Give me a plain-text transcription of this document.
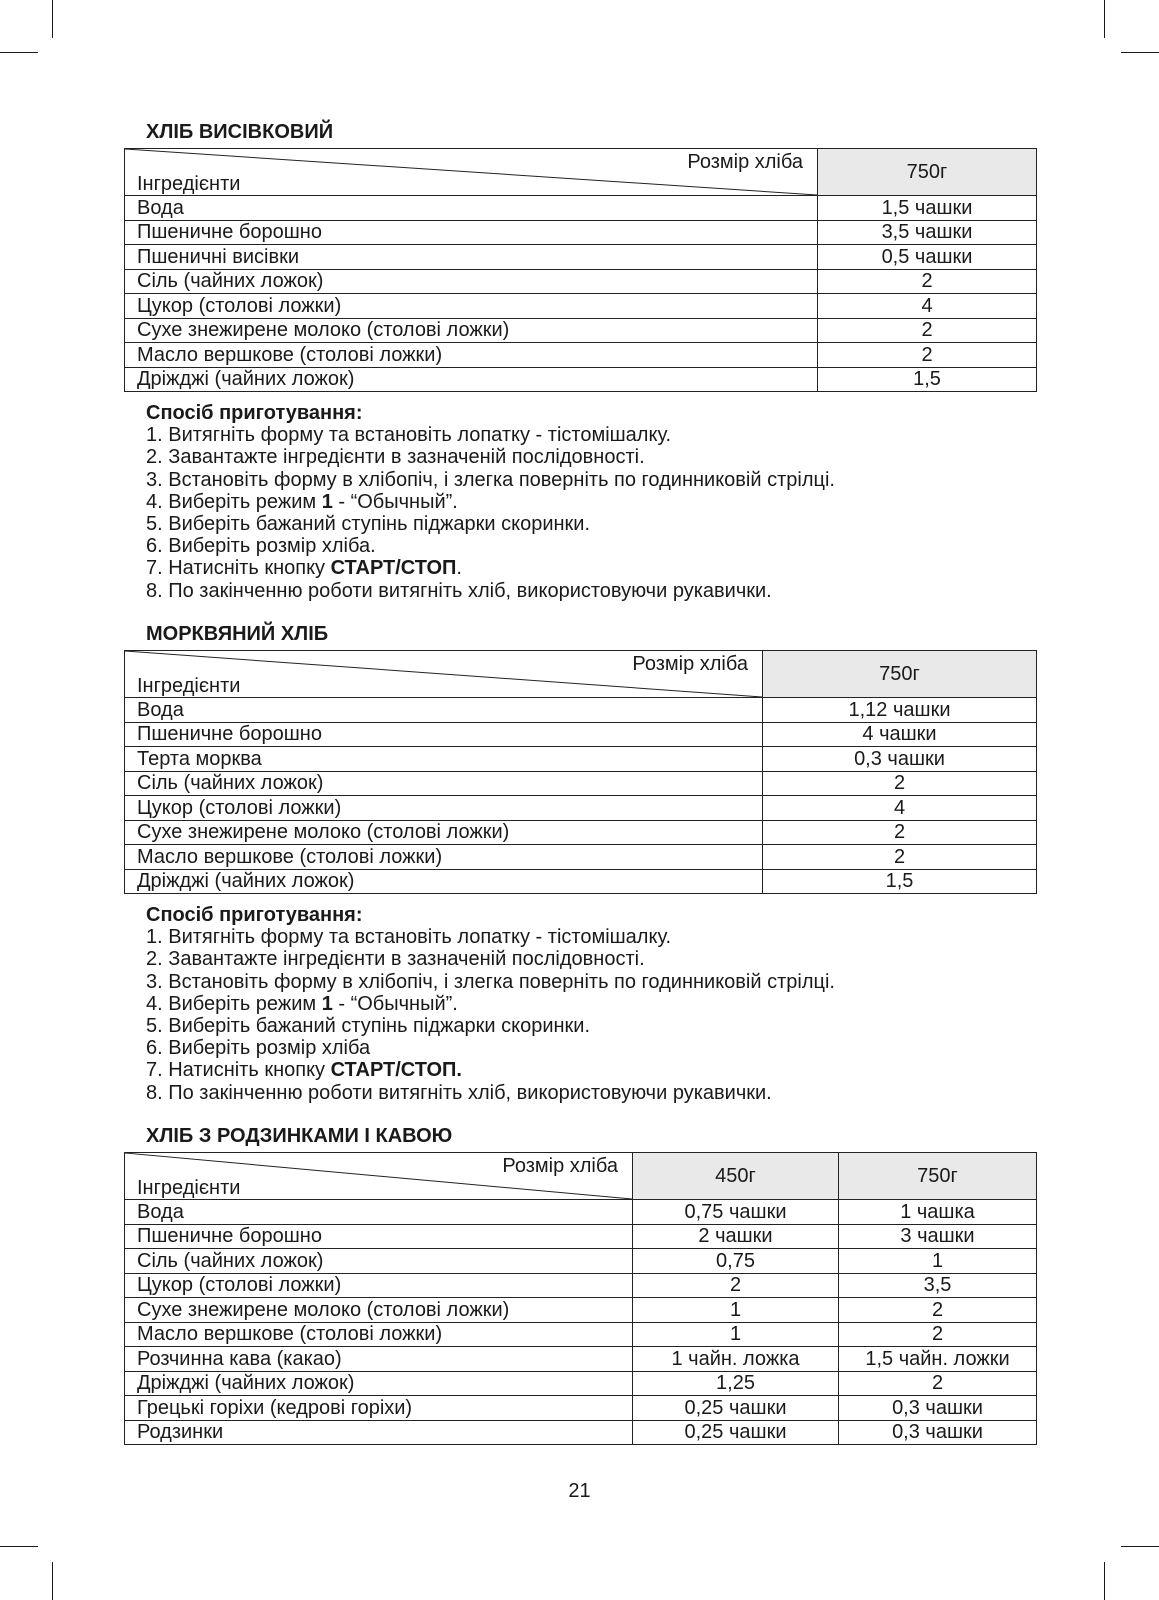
ХЛІБ ВИСІВКОВИЙ
Розмір хліба
Інгредієнти	750г
Вода	1,5 чашки
Пшеничне борошно	3,5 чашки
Пшеничні висівки	0,5 чашки
Сіль (чайних ложок)	2
Цукор (столові ложки)	4
Сухе знежирене молоко (столові ложки)	2
Масло вершкове (столові ложки)	2
Дріжджі (чайних ложок)	1,5
Спосіб приготування:
1. Витягніть форму та встановіть лопатку - тістомішалку.
2. Завантажте інгредієнти в зазначеній послідовності.
3. Встановіть форму в хлібопіч, і злегка поверніть по годинниковій стрілці.
4. Виберіть режим 1 - “Обычный”.
5. Виберіть бажаний ступінь піджарки скоринки.
6. Виберіть розмір хліба.
7. Натисніть кнопку СТАРТ/СТОП.
8. По закінченню роботи витягніть хліб, використовуючи рукавички.
МОРКВЯНИЙ ХЛІБ
Розмір хліба
Інгредієнти	750г
Вода	1,12 чашки
Пшеничне борошно	4 чашки
Терта морква	0,3 чашки
Сіль (чайних ложок)	2
Цукор (столові ложки)	4
Сухе знежирене молоко (столові ложки)	2
Масло вершкове (столові ложки)	2
Дріжджі (чайних ложок)	1,5
Спосіб приготування:
1. Витягніть форму та встановіть лопатку - тістомішалку.
2. Завантажте інгредієнти в зазначеній послідовності.
3. Встановіть форму в хлібопіч, і злегка поверніть по годинниковій стрілці.
4. Виберіть режим 1 - “Обычный”.
5. Виберіть бажаний ступінь піджарки скоринки.
6. Виберіть розмір хліба
7. Натисніть кнопку СТАРТ/СТОП.
8. По закінченню роботи витягніть хліб, використовуючи рукавички.
ХЛІБ З РОДЗИНКАМИ І КАВОЮ
Розмір хліба
Інгредієнти	450г	750г
Вода	0,75 чашки	1 чашка
Пшеничне борошно	2 чашки	3 чашки
Сіль (чайних ложок)	0,75	1
Цукор (столові ложки)	2	3,5
Сухе знежирене молоко (столові ложки)	1	2
Масло вершкове (столові ложки)	1	2
Розчинна кава (какао)	1 чайн. ложка	1,5 чайн. ложки
Дріжджі (чайних ложок)	1,25	2
Грецькі горіхи (кедрові горіхи)	0,25 чашки	0,3 чашки
Родзинки	0,25 чашки	0,3 чашки
21
